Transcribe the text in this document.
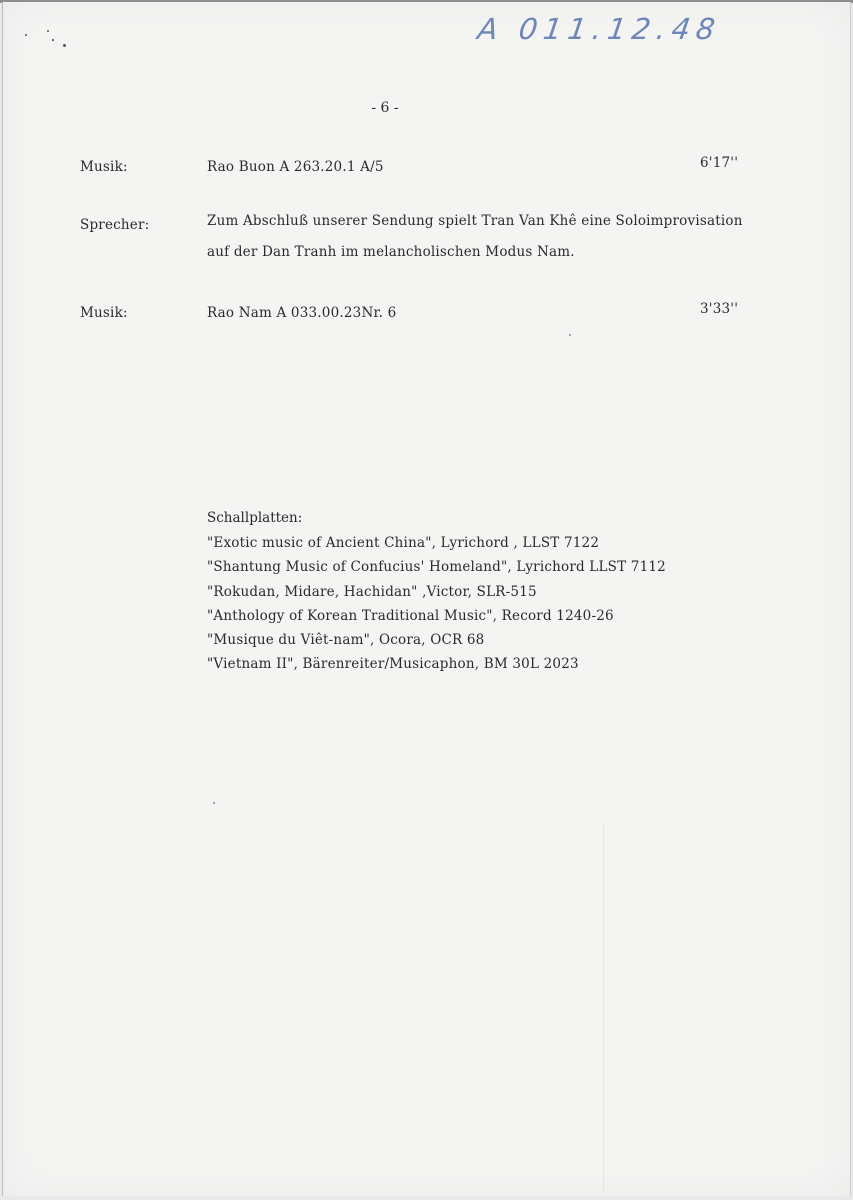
A 011.12.48
- 6 -
Musik:	Rao Buon A 263.20.1 A/5	6'17''
Sprecher:	Zum Abschluß unserer Sendung spielt Tran Van Khê eine Soloimprovisation
auf der Dan Tranh im melancholischen Modus Nam.
Musik:	Rao Nam A 033.00.23Nr. 6	3'33''
Schallplatten:
"Exotic music of Ancient China", Lyrichord , LLST 7122
"Shantung Music of Confucius' Homeland", Lyrichord LLST 7112
"Rokudan, Midare, Hachidan" ,Victor, SLR-515
"Anthology of Korean Traditional Music", Record 1240-26
"Musique du Viêt-nam", Ocora, OCR 68
"Vietnam II", Bärenreiter/Musicaphon, BM 30L 2023
